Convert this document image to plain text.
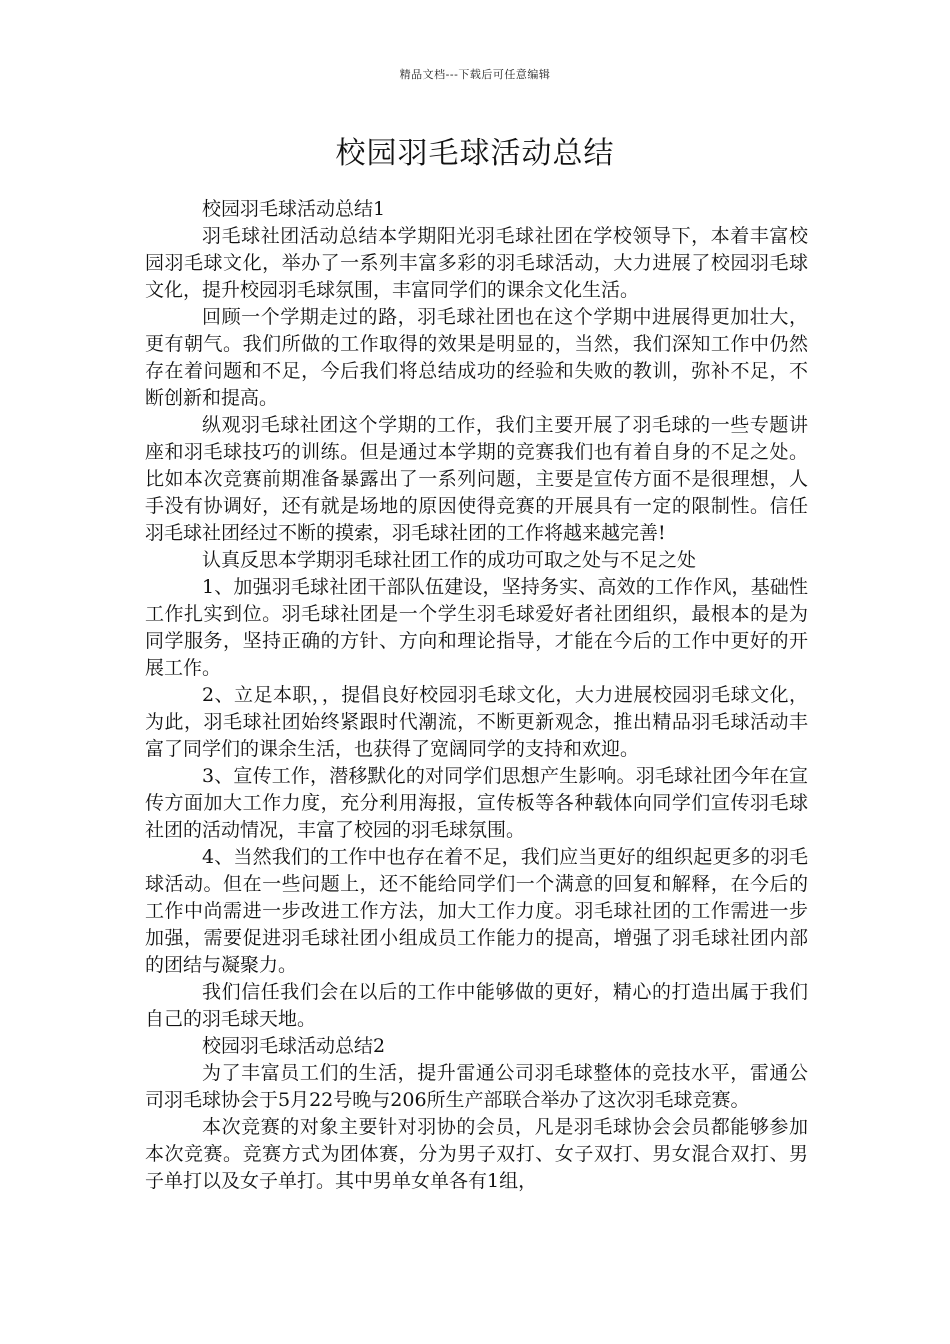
精品文档---下载后可任意编辑
校园羽毛球活动总结

校园羽毛球活动总结1

羽毛球社团活动总结本学期阳光羽毛球社团在学校领导下，本着丰富校园羽毛球文化，举办了一系列丰富多彩的羽毛球活动，大力进展了校园羽毛球文化，提升校园羽毛球氛围，丰富同学们的课余文化生活。

回顾一个学期走过的路，羽毛球社团也在这个学期中进展得更加壮大，更有朝气。我们所做的工作取得的效果是明显的，当然，我们深知工作中仍然存在着问题和不足，今后我们将总结成功的经验和失败的教训，弥补不足，不断创新和提高。

纵观羽毛球社团这个学期的工作，我们主要开展了羽毛球的一些专题讲座和羽毛球技巧的训练。但是通过本学期的竞赛我们也有着自身的不足之处。比如本次竞赛前期准备暴露出了一系列问题，主要是宣传方面不是很理想，人手没有协调好，还有就是场地的原因使得竞赛的开展具有一定的限制性。信任羽毛球社团经过不断的摸索，羽毛球社团的工作将越来越完善!

认真反思本学期羽毛球社团工作的成功可取之处与不足之处

1、加强羽毛球社团干部队伍建设，坚持务实、高效的工作作风，基础性工作扎实到位。羽毛球社团是一个学生羽毛球爱好者社团组织，最根本的是为同学服务，坚持正确的方针、方向和理论指导，才能在今后的工作中更好的开展工作。

2、立足本职，，提倡良好校园羽毛球文化，大力进展校园羽毛球文化，为此，羽毛球社团始终紧跟时代潮流，不断更新观念，推出精品羽毛球活动丰富了同学们的课余生活，也获得了宽阔同学的支持和欢迎。

3、宣传工作，潜移默化的对同学们思想产生影响。羽毛球社团今年在宣传方面加大工作力度，充分利用海报，宣传板等各种载体向同学们宣传羽毛球社团的活动情况，丰富了校园的羽毛球氛围。

4、当然我们的工作中也存在着不足，我们应当更好的组织起更多的羽毛球活动。但在一些问题上，还不能给同学们一个满意的回复和解释，在今后的工作中尚需进一步改进工作方法，加大工作力度。羽毛球社团的工作需进一步加强，需要促进羽毛球社团小组成员工作能力的提高，增强了羽毛球社团内部的团结与凝聚力。

我们信任我们会在以后的工作中能够做的更好，精心的打造出属于我们自己的羽毛球天地。

校园羽毛球活动总结2

为了丰富员工们的生活，提升雷通公司羽毛球整体的竞技水平，雷通公司羽毛球协会于5月22号晚与206所生产部联合举办了这次羽毛球竞赛。

本次竞赛的对象主要针对羽协的会员，凡是羽毛球协会会员都能够参加本次竞赛。竞赛方式为团体赛，分为男子双打、女子双打、男女混合双打、男子单打以及女子单打。其中男单女单各有1组，
